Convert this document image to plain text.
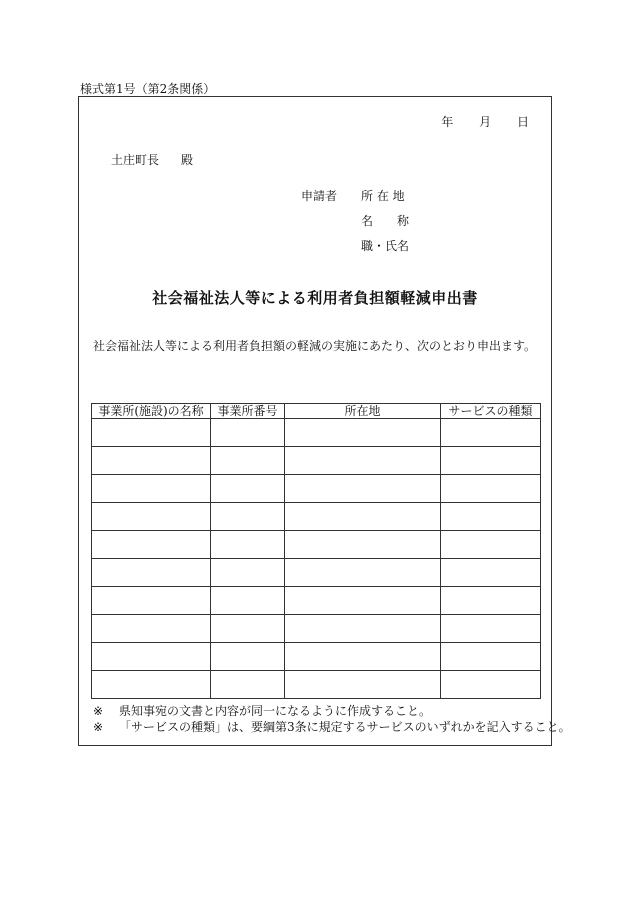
様式第1号（第2条関係）
年 月 日
土庄町長 殿
申請者 所 在 地
名　　称
職・氏名
社会福祉法人等による利用者負担額軽減申出書
社会福祉法人等による利用者負担額の軽減の実施にあたり、次のとおり申出ます。
事業所(施設)の名称	事業所番号	所在地	サービスの種類

※ 県知事宛の文書と内容が同一になるように作成すること。
※ 「サービスの種類」は、要綱第3条に規定するサービスのいずれかを記入すること。
